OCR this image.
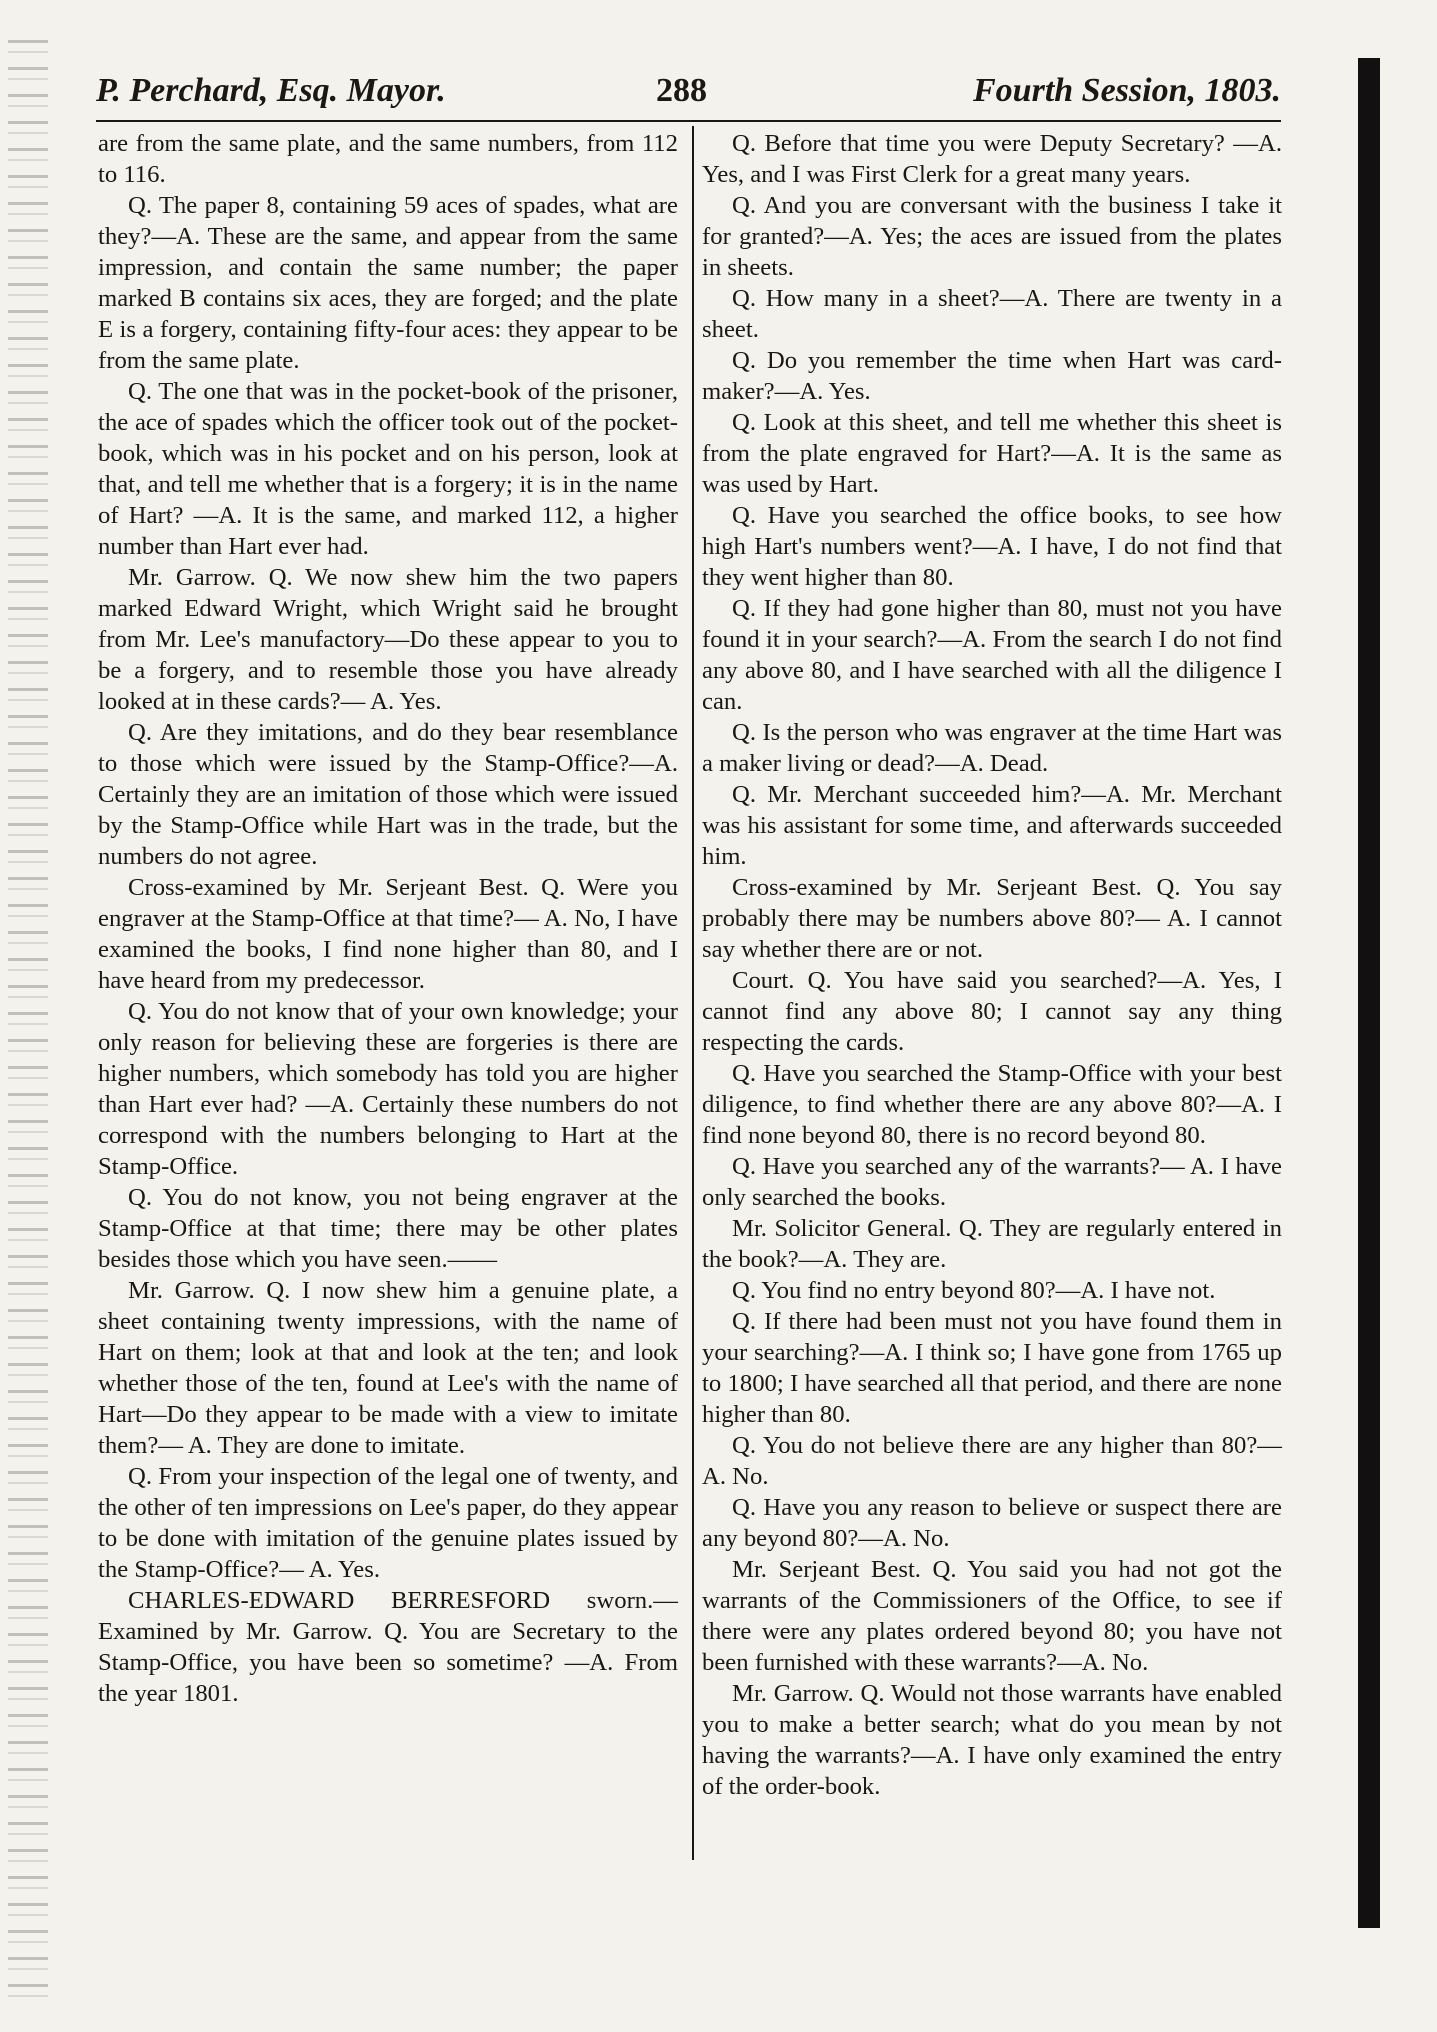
P. Perchard, Esq. Mayor.	288	Fourth Session, 1803.

are from the same plate, and the same numbers, from 112 to 116.

Q. The paper 8, containing 59 aces of spades, what are they?—A. These are the same, and appear from the same impression, and contain the same number; the paper marked B contains six aces, they are forged; and the plate E is a forgery, containing fifty-four aces: they appear to be from the same plate.

Q. The one that was in the pocket-book of the prisoner, the ace of spades which the officer took out of the pocket-book, which was in his pocket and on his person, look at that, and tell me whether that is a forgery; it is in the name of Hart? —A. It is the same, and marked 112, a higher number than Hart ever had.

Mr. Garrow. Q. We now shew him the two papers marked Edward Wright, which Wright said he brought from Mr. Lee's manufactory—Do these appear to you to be a forgery, and to resemble those you have already looked at in these cards?— A. Yes.

Q. Are they imitations, and do they bear resemblance to those which were issued by the Stamp-Office?—A. Certainly they are an imitation of those which were issued by the Stamp-Office while Hart was in the trade, but the numbers do not agree.

Cross-examined by Mr. Serjeant Best. Q. Were you engraver at the Stamp-Office at that time?— A. No, I have examined the books, I find none higher than 80, and I have heard from my predecessor.

Q. You do not know that of your own knowledge; your only reason for believing these are forgeries is there are higher numbers, which somebody has told you are higher than Hart ever had? —A. Certainly these numbers do not correspond with the numbers belonging to Hart at the Stamp-Office.

Q. You do not know, you not being engraver at the Stamp-Office at that time; there may be other plates besides those which you have seen.——

Mr. Garrow. Q. I now shew him a genuine plate, a sheet containing twenty impressions, with the name of Hart on them; look at that and look at the ten; and look whether those of the ten, found at Lee's with the name of Hart—Do they appear to be made with a view to imitate them?— A. They are done to imitate.

Q. From your inspection of the legal one of twenty, and the other of ten impressions on Lee's paper, do they appear to be done with imitation of the genuine plates issued by the Stamp-Office?— A. Yes.

CHARLES-EDWARD BERRESFORD sworn.— Examined by Mr. Garrow. Q. You are Secretary to the Stamp-Office, you have been so sometime? —A. From the year 1801.

Q. Before that time you were Deputy Secretary? —A. Yes, and I was First Clerk for a great many years.

Q. And you are conversant with the business I take it for granted?—A. Yes; the aces are issued from the plates in sheets.

Q. How many in a sheet?—A. There are twenty in a sheet.

Q. Do you remember the time when Hart was card-maker?—A. Yes.

Q. Look at this sheet, and tell me whether this sheet is from the plate engraved for Hart?—A. It is the same as was used by Hart.

Q. Have you searched the office books, to see how high Hart's numbers went?—A. I have, I do not find that they went higher than 80.

Q. If they had gone higher than 80, must not you have found it in your search?—A. From the search I do not find any above 80, and I have searched with all the diligence I can.

Q. Is the person who was engraver at the time Hart was a maker living or dead?—A. Dead.

Q. Mr. Merchant succeeded him?—A. Mr. Merchant was his assistant for some time, and afterwards succeeded him.

Cross-examined by Mr. Serjeant Best. Q. You say probably there may be numbers above 80?— A. I cannot say whether there are or not.

Court. Q. You have said you searched?—A. Yes, I cannot find any above 80; I cannot say any thing respecting the cards.

Q. Have you searched the Stamp-Office with your best diligence, to find whether there are any above 80?—A. I find none beyond 80, there is no record beyond 80.

Q. Have you searched any of the warrants?— A. I have only searched the books.

Mr. Solicitor General. Q. They are regularly entered in the book?—A. They are.

Q. You find no entry beyond 80?—A. I have not.

Q. If there had been must not you have found them in your searching?—A. I think so; I have gone from 1765 up to 1800; I have searched all that period, and there are none higher than 80.

Q. You do not believe there are any higher than 80?—A. No.

Q. Have you any reason to believe or suspect there are any beyond 80?—A. No.

Mr. Serjeant Best. Q. You said you had not got the warrants of the Commissioners of the Office, to see if there were any plates ordered beyond 80; you have not been furnished with these warrants?—A. No.

Mr. Garrow. Q. Would not those warrants have enabled you to make a better search; what do you mean by not having the warrants?—A. I have only examined the entry of the order-book.
